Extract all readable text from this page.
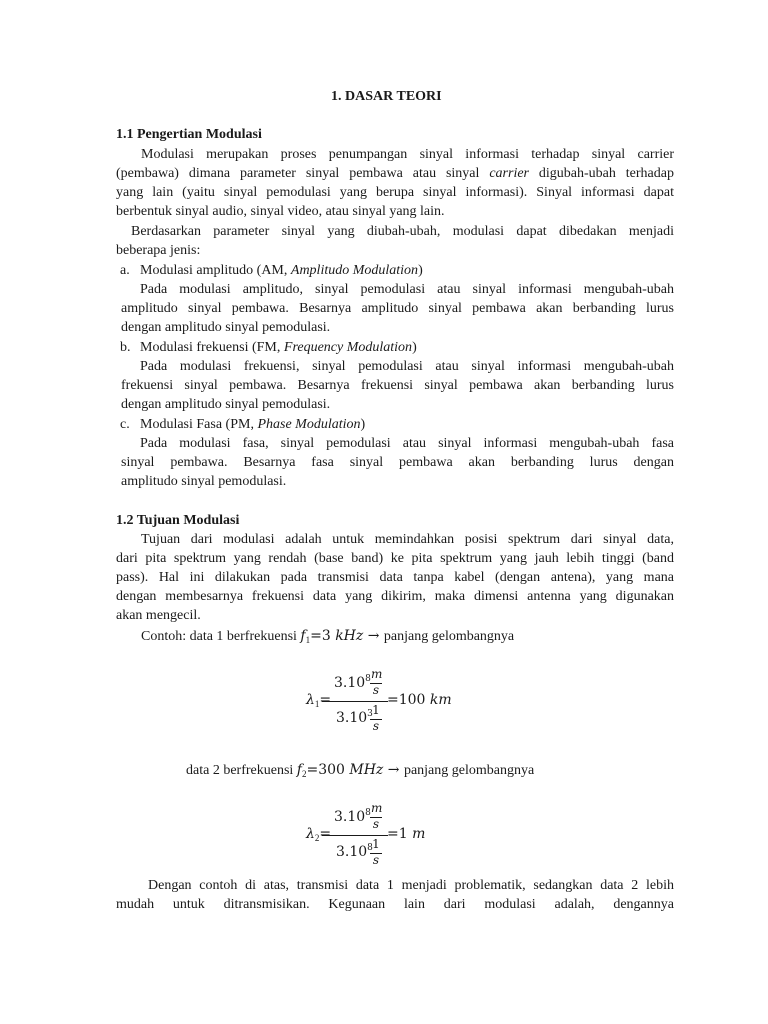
1. DASAR TEORI
1.1 Pengertian Modulasi
Modulasi merupakan proses penumpangan sinyal informasi terhadap sinyal carrier
(pembawa) dimana parameter sinyal pembawa atau sinyal carrier digubah-ubah terhadap
yang lain (yaitu sinyal pemodulasi yang berupa sinyal informasi). Sinyal informasi dapat
berbentuk sinyal audio, sinyal video, atau sinyal yang lain.
Berdasarkan parameter sinyal yang diubah-ubah, modulasi dapat dibedakan menjadi
beberapa jenis:
a. Modulasi amplitudo (AM, Amplitudo Modulation)
Pada modulasi amplitudo, sinyal pemodulasi atau sinyal informasi mengubah-ubah
amplitudo sinyal pembawa. Besarnya amplitudo sinyal pembawa akan berbanding lurus
dengan amplitudo sinyal pemodulasi.
b. Modulasi frekuensi (FM, Frequency Modulation)
Pada modulasi frekuensi, sinyal pemodulasi atau sinyal informasi mengubah-ubah
frekuensi sinyal pembawa. Besarnya frekuensi sinyal pembawa akan berbanding lurus
dengan amplitudo sinyal pemodulasi.
c. Modulasi Fasa (PM, Phase Modulation)
Pada modulasi fasa, sinyal pemodulasi atau sinyal informasi mengubah-ubah fasa
sinyal pembawa. Besarnya fasa sinyal pembawa akan berbanding lurus dengan
amplitudo sinyal pemodulasi.
1.2 Tujuan Modulasi
Tujuan dari modulasi adalah untuk memindahkan posisi spektrum dari sinyal data,
dari pita spektrum yang rendah (base band) ke pita spektrum yang jauh lebih tinggi (band
pass). Hal ini dilakukan pada transmisi data tanpa kabel (dengan antena), yang mana
dengan membesarnya frekuensi data yang dikirim, maka dimensi antenna yang digunakan
akan mengecil.
Contoh: data 1 berfrekuensi $f_1=3$ kHz → panjang gelombangnya
$\lambda_1=$
$3.10^8$ m
s
3.10$^3$ 1
s
=100 km
data 2 berfrekuensi $f_2=300$ MHz → panjang gelombangnya
$\lambda_2=$
$3.10^8$ m
s
3.10$^8$ 1
s
=1 m
Dengan contoh di atas, transmisi data 1 menjadi problematik, sedangkan data 2 lebih
mudah untuk ditransmisikan. Kegunaan lain dari modulasi adalah, dengannya
